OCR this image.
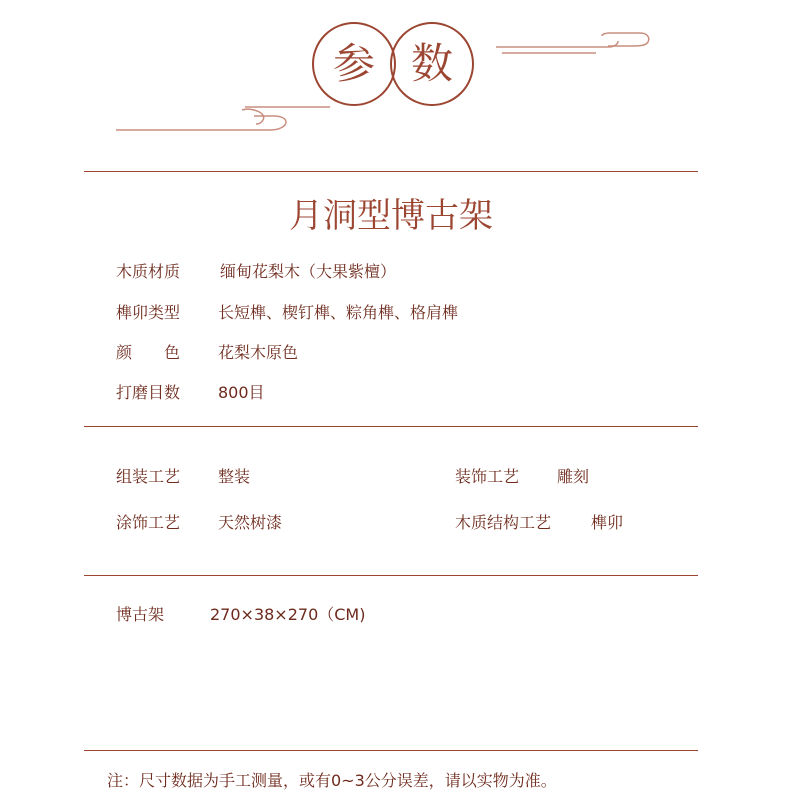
参 数
月洞型博古架
木质材质 缅甸花梨木（大果紫檀）
榫卯类型 长短榫、楔钉榫、粽角榫、格肩榫
颜　　色 花梨木原色
打磨目数 800目
组装工艺 整装	装饰工艺 雕刻
涂饰工艺 天然树漆	木质结构工艺 榫卯
博古架	270×38×270（CM)
注：尺寸数据为手工测量，或有0~3公分误差，请以实物为准。
